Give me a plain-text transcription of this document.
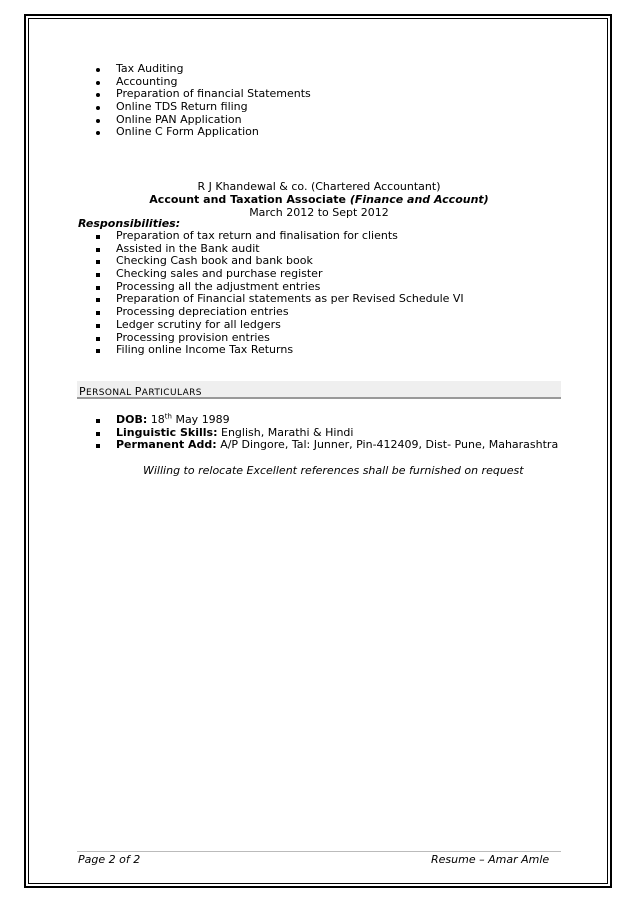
Tax Auditing
Accounting
Preparation of financial Statements
Online TDS Return filing
Online PAN Application
Online C Form Application
R J Khandewal & co. (Chartered Accountant)
Account and Taxation Associate (Finance and Account)
March 2012 to Sept 2012
Responsibilities:
Preparation of tax return and finalisation for clients
Assisted in the Bank audit
Checking Cash book and bank book
Checking sales and purchase register
Processing all the adjustment entries
Preparation of Financial statements as per Revised Schedule VI
Processing depreciation entries
Ledger scrutiny for all ledgers
Processing provision entries
Filing online Income Tax Returns
PERSONAL PARTICULARS
DOB: 18th May 1989
Linguistic Skills: English, Marathi & Hindi
Permanent Add: A/P Dingore, Tal: Junner, Pin-412409, Dist- Pune, Maharashtra
Willing to relocate Excellent references shall be furnished on request
Page 2 of 2	Resume – Amar Amle
